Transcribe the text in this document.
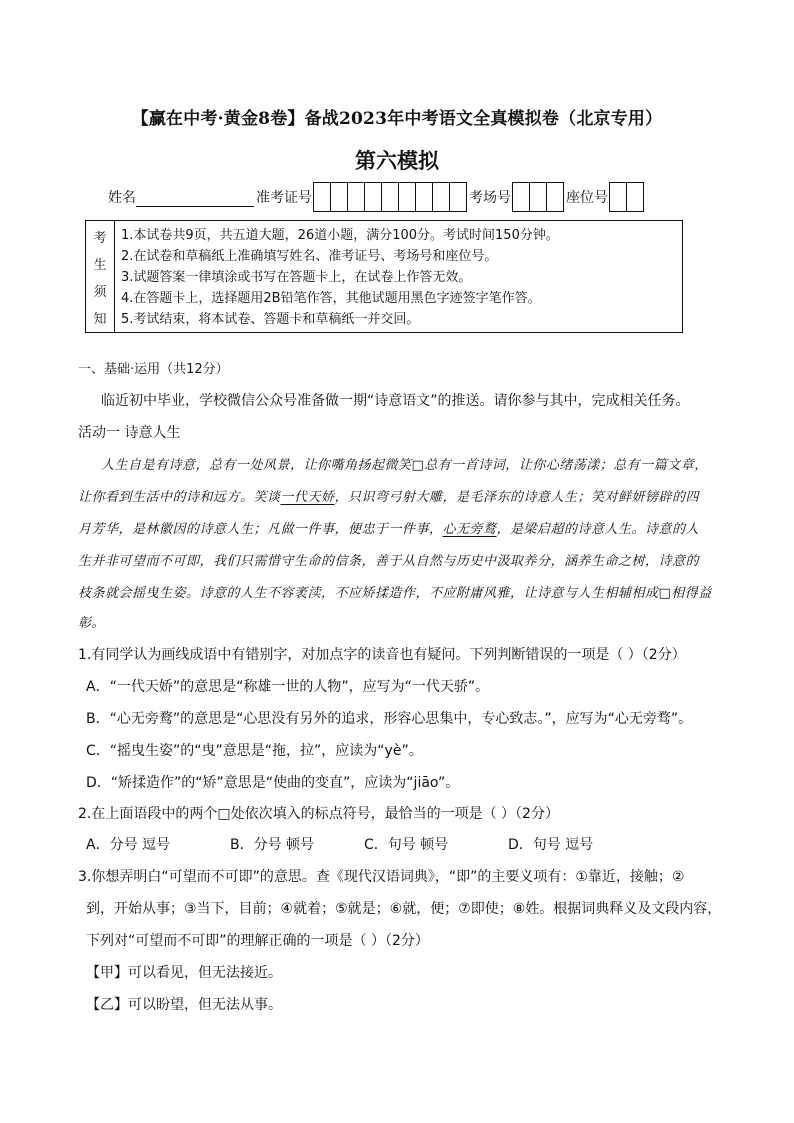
【赢在中考·黄金8卷】备战2023年中考语文全真模拟卷（北京专用）
第六模拟
姓名	准考证号	考场号	座位号
考
生
须
知
1.本试卷共9页，共五道大题，26道小题，满分100分。考试时间150分钟。
2.在试卷和草稿纸上准确填写姓名、准考证号、考场号和座位号。
3.试题答案一律填涂或书写在答题卡上，在试卷上作答无效。
4.在答题卡上，选择题用2B铅笔作答，其他试题用黑色字迹签字笔作答。
5.考试结束，将本试卷、答题卡和草稿纸一并交回。
一、基础·运用（共12分）
临近初中毕业，学校微信公众号准备做一期“诗意语文”的推送。请你参与其中，完成相关任务。
活动一 诗意人生
人生自是有诗意，总有一处风景，让你嘴角扬起微笑□总有一首诗词，让你心绪荡漾；总有一篇文章，
让你看到生活中的诗和远方。笑谈一代天娇，只识弯弓射大雕，是毛泽东的诗意人生；笑对鲜妍镑辟的四
月芳华，是林徽因的诗意人生；凡做一件事，便忠于一件事，心无旁鹜，是梁启超的诗意人生。诗意的人
生并非可望而不可即，我们只需惜守生命的信条，善于从自然与历史中汲取养分，涵养生命之树，诗意的
枝条就会摇曳生姿。诗意的人生不容袤渎，不应矫揉造作，不应附庸风雅，让诗意与人生相辅相成□相得益
彰。
1.有同学认为画线成语中有错别字，对加点字的读音也有疑问。下列判断错误的一项是（ ）（2分）
A．“一代天娇”的意思是“称雄一世的人物”，应写为“一代天骄”。
B．“心无旁鹜”的意思是“心思没有另外的追求，形容心思集中，专心致志。”，应写为“心无旁骛”。
C．“摇曳生姿”的“曳”意思是“拖，拉”，应读为“yè”。
D．“矫揉造作”的“矫”意思是“使曲的变直”，应读为“jiāo”。
2.在上面语段中的两个□处依次填入的标点符号，最恰当的一项是（ ）（2分）
A．分号 逗号	B．分号 顿号	C．句号 顿号	D．句号 逗号
3.你想弄明白“可望而不可即”的意思。查《现代汉语词典》，“即”的主要义项有：①靠近，接触；②
到，开始从事；③当下，目前；④就着；⑤就是；⑥就，便；⑦即使；⑧姓。根据词典释义及文段内容，
下列对“可望而不可即”的理解正确的一项是（ ）（2分）
【甲】可以看见，但无法接近。
【乙】可以盼望，但无法从事。
